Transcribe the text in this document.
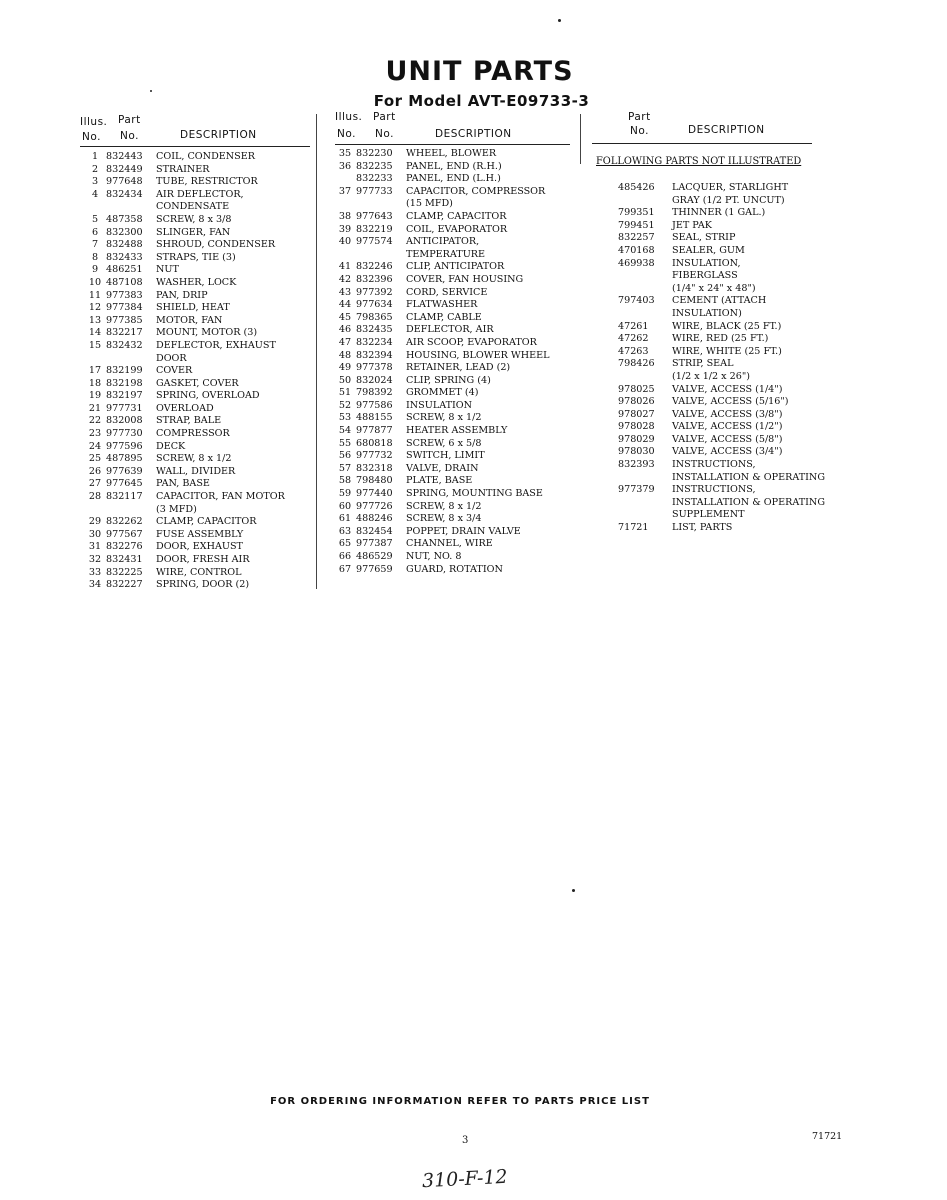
UNIT PARTS
For Model AVT-E09733-3
Illus. Part
No. No.	DESCRIPTION
1 832443	COIL, CONDENSER
2 832449	STRAINER
3 977648	TUBE, RESTRICTOR
4 832434	AIR DEFLECTOR,
CONDENSATE
5 487358	SCREW, 8 x 3/8
6 832300	SLINGER, FAN
7 832488	SHROUD, CONDENSER
8 832433	STRAPS, TIE (3)
9 486251	NUT
10 487108	WASHER, LOCK
11 977383	PAN, DRIP
12 977384	SHIELD, HEAT
13 977385	MOTOR, FAN
14 832217	MOUNT, MOTOR (3)
15 832432	DEFLECTOR, EXHAUST
DOOR
17 832199	COVER
18 832198	GASKET, COVER
19 832197	SPRING, OVERLOAD
21 977731	OVERLOAD
22 832008	STRAP, BALE
23 977730	COMPRESSOR
24 977596	DECK
25 487895	SCREW, 8 x 1/2
26 977639	WALL, DIVIDER
27 977645	PAN, BASE
28 832117	CAPACITOR, FAN MOTOR
(3 MFD)
29 832262	CLAMP, CAPACITOR
30 977567	FUSE ASSEMBLY
31 832276	DOOR, EXHAUST
32 832431	DOOR, FRESH AIR
33 832225	WIRE, CONTROL
34 832227	SPRING, DOOR (2)
Illus. Part
No. No.	DESCRIPTION
35 832230	WHEEL, BLOWER
36 832235	PANEL, END (R.H.)
832233	PANEL, END (L.H.)
37 977733	CAPACITOR, COMPRESSOR
(15 MFD)
38 977643	CLAMP, CAPACITOR
39 832219	COIL, EVAPORATOR
40 977574	ANTICIPATOR,
TEMPERATURE
41 832246	CLIP, ANTICIPATOR
42 832396	COVER, FAN HOUSING
43 977392	CORD, SERVICE
44 977634	FLATWASHER
45 798365	CLAMP, CABLE
46 832435	DEFLECTOR, AIR
47 832234	AIR SCOOP, EVAPORATOR
48 832394	HOUSING, BLOWER WHEEL
49 977378	RETAINER, LEAD (2)
50 832024	CLIP, SPRING (4)
51 798392	GROMMET (4)
52 977586	INSULATION
53 488155	SCREW, 8 x 1/2
54 977877	HEATER ASSEMBLY
55 680818	SCREW, 6 x 5/8
56 977732	SWITCH, LIMIT
57 832318	VALVE, DRAIN
58 798480	PLATE, BASE
59 977440	SPRING, MOUNTING BASE
60 977726	SCREW, 8 x 1/2
61 488246	SCREW, 8 x 3/4
63 832454	POPPET, DRAIN VALVE
65 977387	CHANNEL, WIRE
66 486529	NUT, NO. 8
67 977659	GUARD, ROTATION
Part
No.	DESCRIPTION
FOLLOWING PARTS NOT ILLUSTRATED
485426	LACQUER, STARLIGHT
GRAY (1/2 PT. UNCUT)
799351	THINNER (1 GAL.)
799451	JET PAK
832257	SEAL, STRIP
470168	SEALER, GUM
469938	INSULATION,
FIBERGLASS
(1/4" x 24" x 48")
797403	CEMENT (ATTACH
INSULATION)
47261	WIRE, BLACK (25 FT.)
47262	WIRE, RED (25 FT.)
47263	WIRE, WHITE (25 FT.)
798426	STRIP, SEAL
(1/2 x 1/2 x 26")
978025	VALVE, ACCESS (1/4")
978026	VALVE, ACCESS (5/16")
978027	VALVE, ACCESS (3/8")
978028	VALVE, ACCESS (1/2")
978029	VALVE, ACCESS (5/8")
978030	VALVE, ACCESS (3/4")
832393	INSTRUCTIONS,
INSTALLATION & OPERATING
977379	INSTRUCTIONS,
INSTALLATION & OPERATING
SUPPLEMENT
71721	LIST, PARTS
FOR ORDERING INFORMATION REFER TO PARTS PRICE LIST
3	71721
310-F-12
